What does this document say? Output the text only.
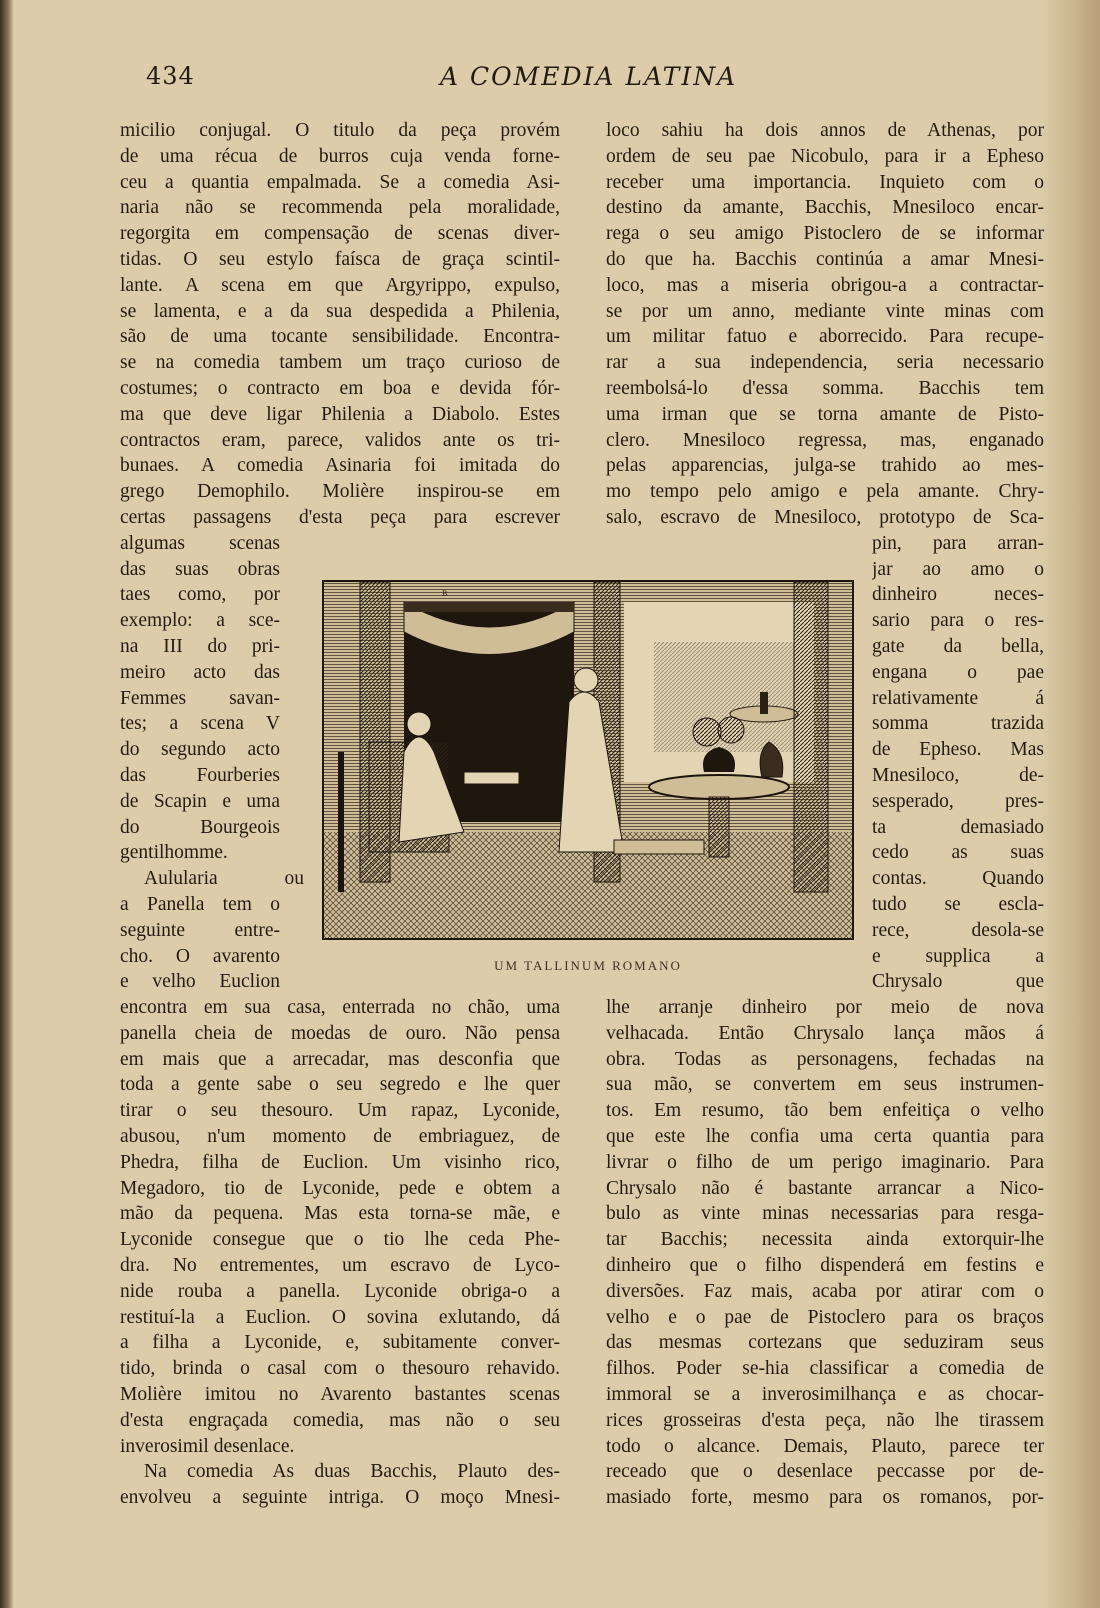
434	A COMEDIA LATINA
micilio conjugal. O titulo da peça provém
de uma récua de burros cuja venda forne-
ceu a quantia empalmada. Se a comedia Asi-
naria não se recommenda pela moralidade,
regorgita em compensação de scenas diver-
tidas. O seu estylo faísca de graça scintil-
lante. A scena em que Argyrippo, expulso,
se lamenta, e a da sua despedida a Philenia,
são de uma tocante sensibilidade. Encontra-
se na comedia tambem um traço curioso de
costumes; o contracto em boa e devida fór-
ma que deve ligar Philenia a Diabolo. Estes
contractos eram, parece, validos ante os tri-
bunaes. A comedia Asinaria foi imitada do
grego Demophilo. Molière inspirou-se em
certas passagens d'esta peça para escrever
algumas scenas
das suas obras
taes como, por
exemplo: a sce-
na III do pri-
meiro acto das
Femmes savan-
tes; a scena V
do segundo acto
das Fourberies
de Scapin e uma
do Bourgeois
gentilhomme.
Aulularia ou
a Panella tem o
seguinte entre-
cho. O avarento
e velho Euclion
encontra em sua casa, enterrada no chão, uma
panella cheia de moedas de ouro. Não pensa
em mais que a arrecadar, mas desconfia que
toda a gente sabe o seu segredo e lhe quer
tirar o seu thesouro. Um rapaz, Lyconide,
abusou, n'um momento de embriaguez, de
Phedra, filha de Euclion. Um visinho rico,
Megadoro, tio de Lyconide, pede e obtem a
mão da pequena. Mas esta torna-se mãe, e
Lyconide consegue que o tio lhe ceda Phe-
dra. No entrementes, um escravo de Lyco-
nide rouba a panella. Lyconide obriga-o a
restituí-la a Euclion. O sovina exlutando, dá
a filha a Lyconide, e, subitamente conver-
tido, brinda o casal com o thesouro rehavido.
Molière imitou no Avarento bastantes scenas
d'esta engraçada comedia, mas não o seu
inverosimil desenlace.
Na comedia As duas Bacchis, Plauto des-
envolveu a seguinte intriga. O moço Mnesi-
loco sahiu ha dois annos de Athenas, por
ordem de seu pae Nicobulo, para ir a Epheso
receber uma importancia. Inquieto com o
destino da amante, Bacchis, Mnesiloco encar-
rega o seu amigo Pistoclero de se informar
do que ha. Bacchis continúa a amar Mnesi-
loco, mas a miseria obrigou-a a contractar-
se por um anno, mediante vinte minas com
um militar fatuo e aborrecido. Para recupe-
rar a sua independencia, seria necessario
reembolsá-lo d'essa somma. Bacchis tem
uma irman que se torna amante de Pisto-
clero. Mnesiloco regressa, mas, enganado
pelas apparencias, julga-se trahido ao mes-
mo tempo pelo amigo e pela amante. Chry-
salo, escravo de Mnesiloco, prototypo de Sca-
pin, para arran-
jar ao amo o
dinheiro neces-
sario para o res-
gate da bella,
engana o pae
relativamente á
somma trazida
de Epheso. Mas
Mnesiloco, de-
sesperado, pres-
ta demasiado
cedo as suas
contas. Quando
tudo se escla-
rece, desola-se
e supplica a
Chrysalo que
lhe arranje dinheiro por meio de nova
velhacada. Então Chrysalo lança mãos á
obra. Todas as personagens, fechadas na
sua mão, se convertem em seus instrumen-
tos. Em resumo, tão bem enfeitiça o velho
que este lhe confia uma certa quantia para
livrar o filho de um perigo imaginario. Para
Chrysalo não é bastante arrancar a Nico-
bulo as vinte minas necessarias para resga-
tar Bacchis; necessita ainda extorquir-lhe
dinheiro que o filho dispenderá em festins e
diversões. Faz mais, acaba por atirar com o
velho e o pae de Pistoclero para os braços
das mesmas cortezans que seduziram seus
filhos. Poder se-hia classificar a comedia de
immoral se a inverosimilhança e as chocar-
rices grosseiras d'esta peça, não lhe tirassem
todo o alcance. Demais, Plauto, parece ter
receado que o desenlace peccasse por de-
masiado forte, mesmo para os romanos, por-
B
UM TALLINUM ROMANO
